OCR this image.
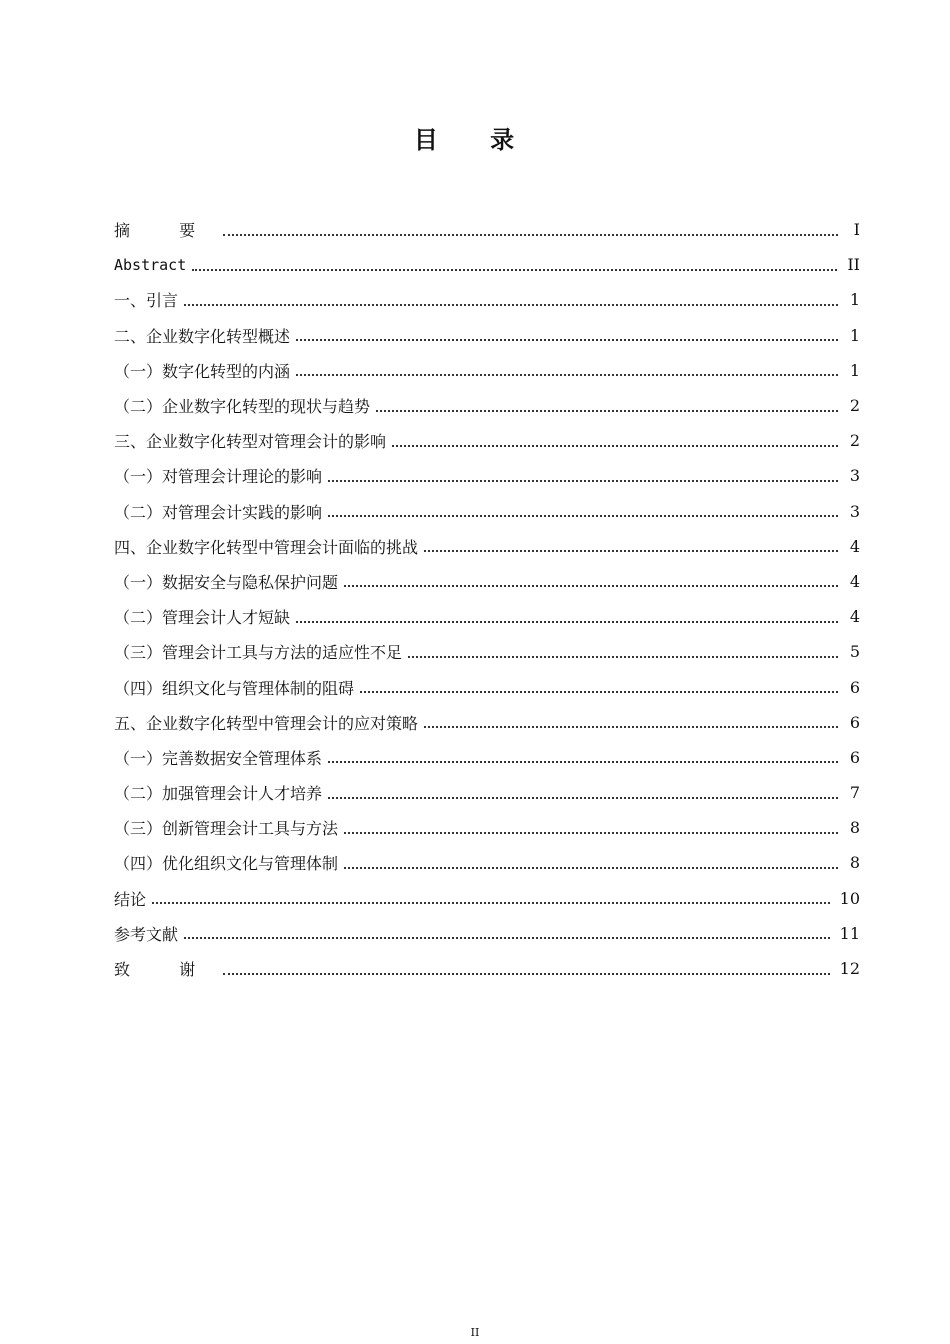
目 录
摘 要	I
Abstract	II
一、引言	1
二、企业数字化转型概述	1
（一）数字化转型的内涵	1
（二）企业数字化转型的现状与趋势	2
三、企业数字化转型对管理会计的影响	2
（一）对管理会计理论的影响	3
（二）对管理会计实践的影响	3
四、企业数字化转型中管理会计面临的挑战	4
（一）数据安全与隐私保护问题	4
（二）管理会计人才短缺	4
（三）管理会计工具与方法的适应性不足	5
（四）组织文化与管理体制的阻碍	6
五、企业数字化转型中管理会计的应对策略	6
（一）完善数据安全管理体系	6
（二）加强管理会计人才培养	7
（三）创新管理会计工具与方法	8
（四）优化组织文化与管理体制	8
结论	10
参考文献	11
致 谢	12
II
